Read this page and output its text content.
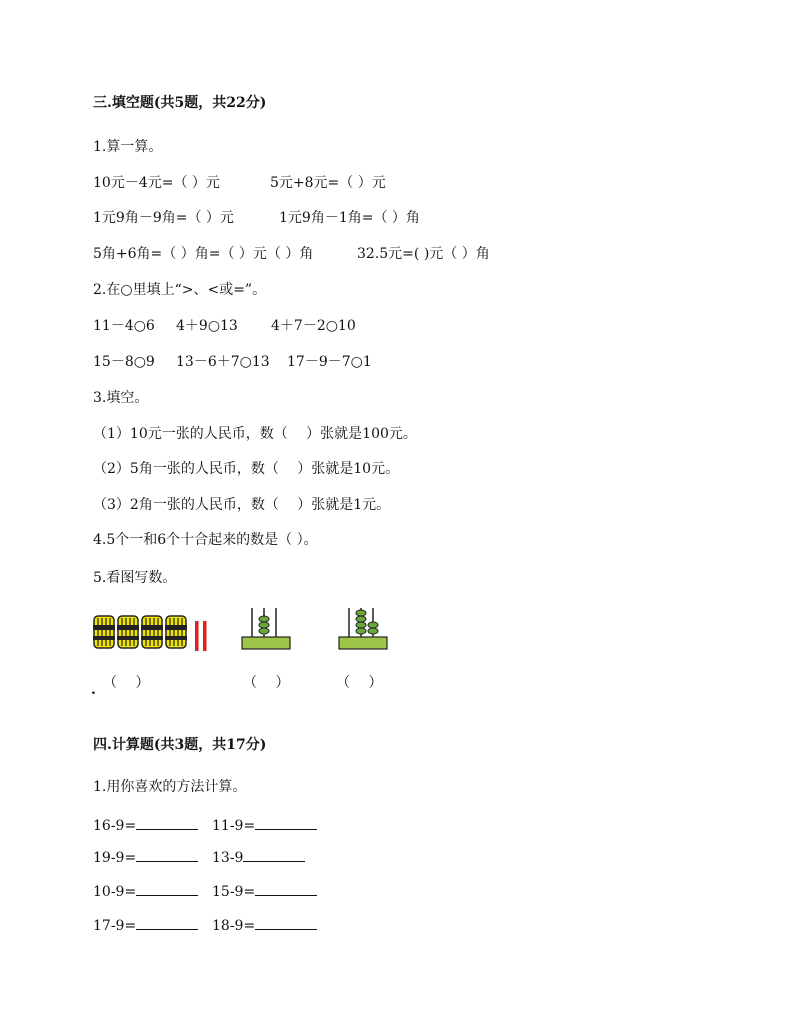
三.填空题(共5题，共22分)
1.算一算。
10元－4元=（ ）元	5元+8元=（ ）元
1元9角－9角=（ ）元	1元9角－1角=（ ）角
5角+6角=（ ）角=（ ）元（ ）角	32.5元=( )元（ ）角
2.在○里填上“>、<或=”。
11－4○6 4＋9○13 4＋7－2○10
15－8○9 13－6＋7○13 17－9－7○1
3.填空。
（1）10元一张的人民币，数（　 ）张就是100元。
（2）5角一张的人民币，数（　 ）张就是10元。
（3）2角一张的人民币，数（　 ）张就是1元。
4.5个一和6个十合起来的数是（ ）。
5.看图写数。
. （　 ）	（　 ）	（　 ）
四.计算题(共3题，共17分)
1.用你喜欢的方法计算。
16-9=	11-9=
19-9=	13-9
10-9=	15-9=
17-9=	18-9=
